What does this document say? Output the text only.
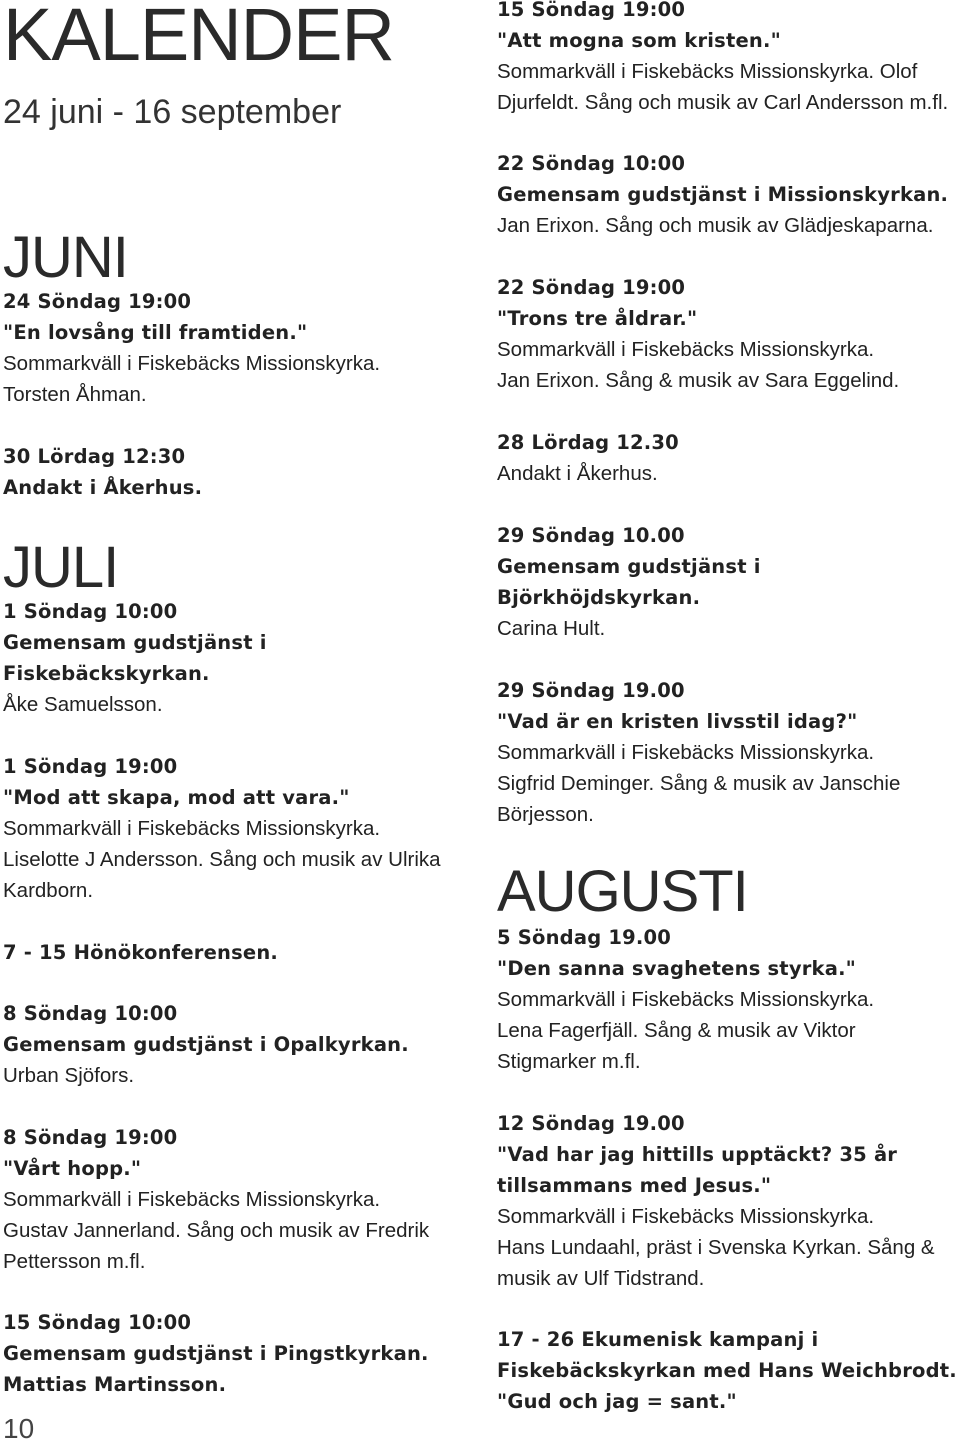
KALENDER
24 juni - 16 september
JUNI
24 Söndag 19:00
"En lovsång till framtiden."
Sommarkväll i Fiskebäcks Missionskyrka.
Torsten Åhman.
30 Lördag 12:30
Andakt i Åkerhus.
JULI
1 Söndag 10:00
Gemensam gudstjänst i
Fiskebäckskyrkan.
Åke Samuelsson.
1 Söndag 19:00
"Mod att skapa, mod att vara."
Sommarkväll i Fiskebäcks Missionskyrka.
Liselotte J Andersson. Sång och musik av Ulrika
Kardborn.
7 - 15 Hönökonferensen.
8 Söndag 10:00
Gemensam gudstjänst i Opalkyrkan.
Urban Sjöfors.
8 Söndag 19:00
"Vårt hopp."
Sommarkväll i Fiskebäcks Missionskyrka.
Gustav Jannerland. Sång och musik av Fredrik
Pettersson m.fl.
15 Söndag 10:00
Gemensam gudstjänst i Pingstkyrkan.
Mattias Martinsson.
15 Söndag 19:00
"Att mogna som kristen."
Sommarkväll i Fiskebäcks Missionskyrka. Olof
Djurfeldt. Sång och musik av Carl Andersson m.fl.
22 Söndag 10:00
Gemensam gudstjänst i Missionskyrkan.
Jan Erixon. Sång och musik av Glädjeskaparna.
22 Söndag 19:00
"Trons tre åldrar."
Sommarkväll i Fiskebäcks Missionskyrka.
Jan Erixon. Sång & musik av Sara Eggelind.
28 Lördag 12.30
Andakt i Åkerhus.
29 Söndag 10.00
Gemensam gudstjänst i
Björkhöjdskyrkan.
Carina Hult.
29 Söndag 19.00
"Vad är en kristen livsstil idag?"
Sommarkväll i Fiskebäcks Missionskyrka.
Sigfrid Deminger. Sång & musik av Janschie
Börjesson.
AUGUSTI
5 Söndag 19.00
"Den sanna svaghetens styrka."
Sommarkväll i Fiskebäcks Missionskyrka.
Lena Fagerfjäll. Sång & musik av Viktor
Stigmarker m.fl.
12 Söndag 19.00
"Vad har jag hittills upptäckt? 35 år
tillsammans med Jesus."
Sommarkväll i Fiskebäcks Missionskyrka.
Hans Lundaahl, präst i Svenska Kyrkan. Sång &
musik av Ulf Tidstrand.
17 - 26 Ekumenisk kampanj i
Fiskebäckskyrkan med Hans Weichbrodt.
"Gud och jag = sant."
10
